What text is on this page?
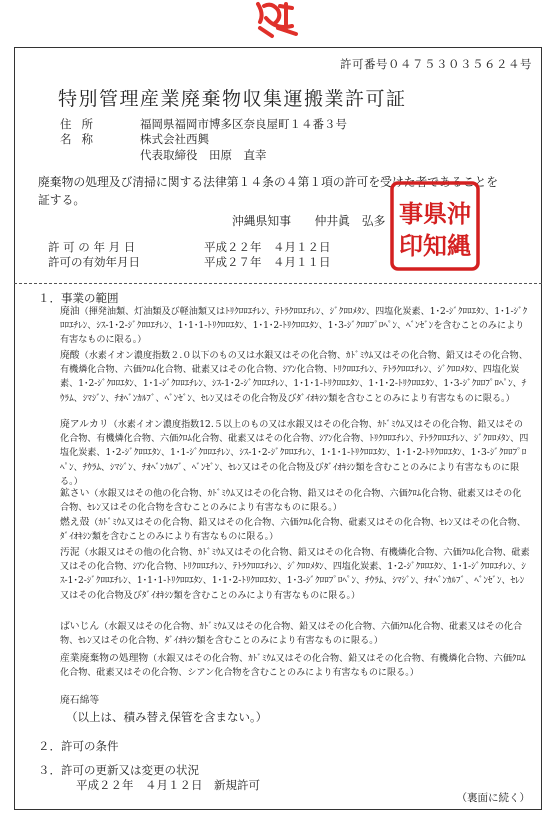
許可番号０４７５３０３５６２４号
特別管理産業廃棄物収集運搬業許可証
住所	福岡県福岡市博多区奈良屋町１４番３号
名称	株式会社西興
代表取締役　田原　直幸
廃棄物の処理及び清掃に関する法律第１４条の４第１項の許可を受けた者であることを証する。
沖縄県知事　　仲井眞　弘多	沖
縄
県
知
事
印
許 可 の 年 月 日	平成２２年　４月１２日
許可の有効年月日	平成２７年　４月１１日
１．事業の範囲
廃油（揮発油類、灯油類及び軽油類又はﾄﾘｸﾛﾛｴﾁﾚﾝ、ﾃﾄﾗｸﾛﾛｴﾁﾚﾝ、ｼﾞｸﾛﾛﾒﾀﾝ、四塩化炭素、1･2-ｼﾞｸﾛﾛｴﾀﾝ、1･1-ｼﾞｸﾛﾛｴﾁﾚﾝ、ｼｽ-1･2-ｼﾞｸﾛﾛｴﾁﾚﾝ、1･1･1-ﾄﾘｸﾛﾛｴﾀﾝ、1･1･2-ﾄﾘｸﾛﾛｴﾀﾝ、1･3-ｼﾞｸﾛﾛﾌﾟﾛﾍﾟﾝ、ﾍﾞﾝｾﾞﾝを含むことのみにより有害なものに限る。）
廃酸（水素イオン濃度指数２.０以下のもの又は水銀又はその化合物、ｶﾄﾞﾐｳﾑ又はその化合物、鉛又はその化合物、有機燐化合物、六価ｸﾛﾑ化合物、砒素又はその化合物、ｼｱﾝ化合物、ﾄﾘｸﾛﾛｴﾁﾚﾝ、ﾃﾄﾗｸﾛﾛｴﾁﾚﾝ、ｼﾞｸﾛﾛﾒﾀﾝ、四塩化炭素、1･2-ｼﾞｸﾛﾛｴﾀﾝ、1･1-ｼﾞｸﾛﾛｴﾁﾚﾝ、ｼｽ-1･2-ｼﾞｸﾛﾛｴﾁﾚﾝ、1･1･1-ﾄﾘｸﾛﾛｴﾀﾝ、1･1･2-ﾄﾘｸﾛﾛｴﾀﾝ、1･3-ｼﾞｸﾛﾛﾌﾟﾛﾍﾟﾝ、ﾁｳﾗﾑ、ｼﾏｼﾞﾝ、ﾁｵﾍﾞﾝｶﾙﾌﾞ、ﾍﾞﾝｾﾞﾝ、ｾﾚﾝ又はその化合物及びﾀﾞｲｵｷｼﾝ類を含むことのみにより有害なものに限る。）
廃アルカリ（水素イオン濃度指数12.５以上のもの又は水銀又はその化合物、ｶﾄﾞﾐｳﾑ又はその化合物、鉛又はその化合物、有機燐化合物、六価ｸﾛﾑ化合物、砒素又はその化合物、ｼｱﾝ化合物、ﾄﾘｸﾛﾛｴﾁﾚﾝ、ﾃﾄﾗｸﾛﾛｴﾁﾚﾝ、ｼﾞｸﾛﾛﾒﾀﾝ、四塩化炭素、1･2-ｼﾞｸﾛﾛｴﾀﾝ、1･1-ｼﾞｸﾛﾛｴﾁﾚﾝ、ｼｽ-1･2-ｼﾞｸﾛﾛｴﾁﾚﾝ、1･1･1-ﾄﾘｸﾛﾛｴﾀﾝ、1･1･2-ﾄﾘｸﾛﾛｴﾀﾝ、1･3-ｼﾞｸﾛﾛﾌﾟﾛﾍﾟﾝ、ﾁｳﾗﾑ、ｼﾏｼﾞﾝ、ﾁｵﾍﾞﾝｶﾙﾌﾞ、ﾍﾞﾝｾﾞﾝ、ｾﾚﾝ又はその化合物及びﾀﾞｲｵｷｼﾝ類を含むことのみにより有害なものに限る。）
鉱さい（水銀又はその他の化合物、ｶﾄﾞﾐｳﾑ又はその化合物、鉛又はその化合物、六価ｸﾛﾑ化合物、砒素又はその化合物、ｾﾚﾝ又はその化合物を含むことのみにより有害なものに限る。）
燃え殻（ｶﾄﾞﾐｳﾑ又はその化合物、鉛又はその化合物、六価ｸﾛﾑ化合物、砒素又はその化合物、ｾﾚﾝ又はその化合物、ﾀﾞｲｵｷｼﾝ類を含むことのみにより有害なものに限る。）
汚泥（水銀又はその他の化合物、ｶﾄﾞﾐｳﾑ又はその化合物、鉛又はその化合物、有機燐化合物、六価ｸﾛﾑ化合物、砒素又はその化合物、ｼｱﾝ化合物、ﾄﾘｸﾛﾛｴﾁﾚﾝ、ﾃﾄﾗｸﾛﾛｴﾁﾚﾝ、ｼﾞｸﾛﾛﾒﾀﾝ、四塩化炭素、1･2-ｼﾞｸﾛﾛｴﾀﾝ、1･1-ｼﾞｸﾛﾛｴﾁﾚﾝ、ｼｽ-1･2-ｼﾞｸﾛﾛｴﾁﾚﾝ、1･1･1-ﾄﾘｸﾛﾛｴﾀﾝ、1･1･2-ﾄﾘｸﾛﾛｴﾀﾝ、1･3-ｼﾞｸﾛﾛﾌﾟﾛﾍﾟﾝ、ﾁｳﾗﾑ、ｼﾏｼﾞﾝ、ﾁｵﾍﾞﾝｶﾙﾌﾞ、ﾍﾞﾝｾﾞﾝ、ｾﾚﾝ又はその化合物及びﾀﾞｲｵｷｼﾝ類を含むことのみにより有害なものに限る。）
ばいじん（水銀又はその化合物、ｶﾄﾞﾐｳﾑ又はその化合物、鉛又はその化合物、六価ｸﾛﾑ化合物、砒素又はその化合物、ｾﾚﾝ又はその化合物、ﾀﾞｲｵｷｼﾝ類を含むことのみにより有害なものに限る。）
産業廃棄物の処理物（水銀又はその化合物、ｶﾄﾞﾐｳﾑ又はその化合物、鉛又はその化合物、有機燐化合物、六価ｸﾛﾑ化合物、砒素又はその化合物、シアン化合物を含むことのみにより有害なものに限る。）
廃石綿等
（以上は、積み替え保管を含まない。）
２．許可の条件
３．許可の更新又は変更の状況
平成２２年　４月１２日　新規許可
（裏面に続く）
